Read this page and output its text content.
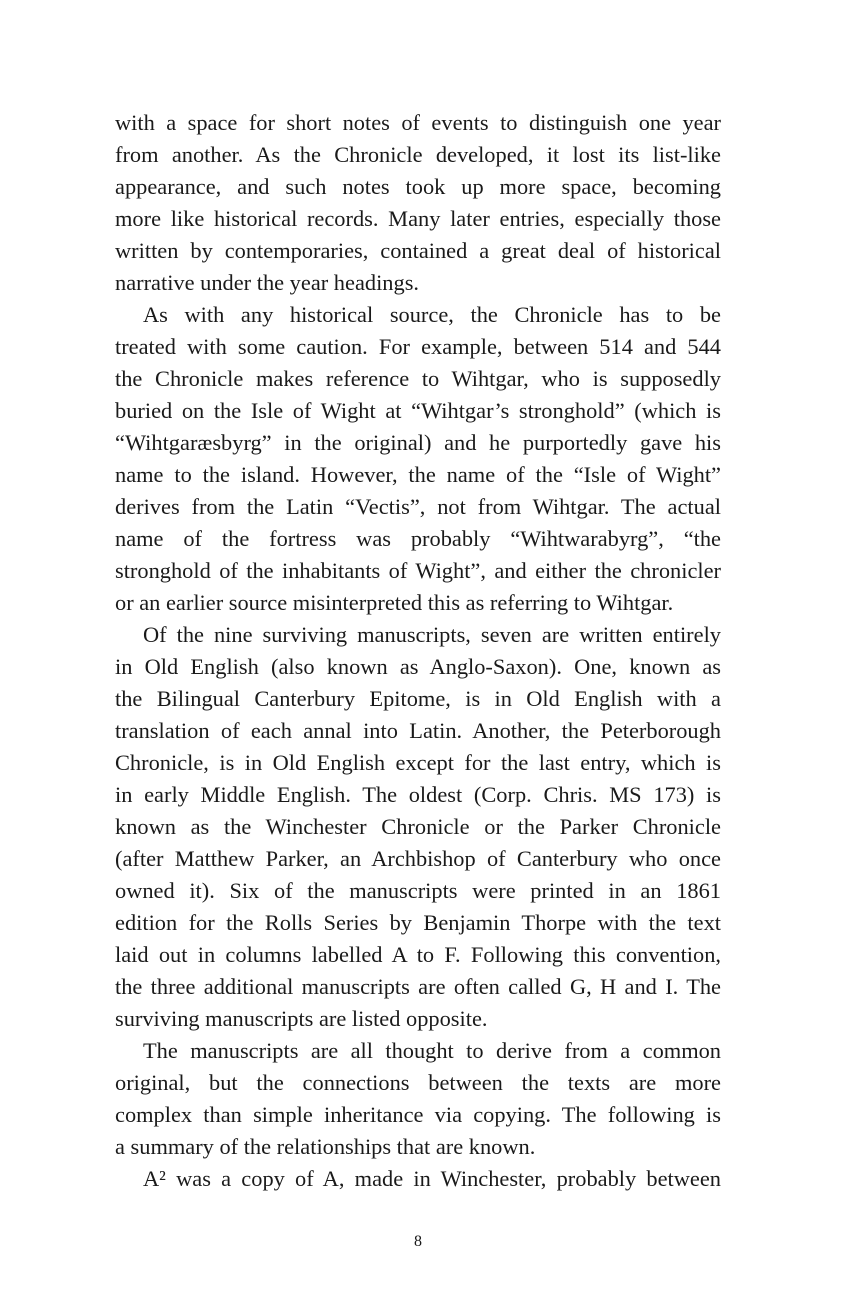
with a space for short notes of events to distinguish one year
from another. As the Chronicle developed, it lost its list-like
appearance, and such notes took up more space, becoming
more like historical records. Many later entries, especially those
written by contemporaries, contained a great deal of historical
narrative under the year headings.
As with any historical source, the Chronicle has to be
treated with some caution. For example, between 514 and 544
the Chronicle makes reference to Wihtgar, who is supposedly
buried on the Isle of Wight at “Wihtgar’s stronghold” (which is
“Wihtgaræsbyrg” in the original) and he purportedly gave his
name to the island. However, the name of the “Isle of Wight”
derives from the Latin “Vectis”, not from Wihtgar. The actual
name of the fortress was probably “Wihtwarabyrg”, “the
stronghold of the inhabitants of Wight”, and either the chronicler
or an earlier source misinterpreted this as referring to Wihtgar.
Of the nine surviving manuscripts, seven are written entirely
in Old English (also known as Anglo-Saxon). One, known as
the Bilingual Canterbury Epitome, is in Old English with a
translation of each annal into Latin. Another, the Peterborough
Chronicle, is in Old English except for the last entry, which is
in early Middle English. The oldest (Corp. Chris. MS 173) is
known as the Winchester Chronicle or the Parker Chronicle
(after Matthew Parker, an Archbishop of Canterbury who once
owned it). Six of the manuscripts were printed in an 1861
edition for the Rolls Series by Benjamin Thorpe with the text
laid out in columns labelled A to F. Following this convention,
the three additional manuscripts are often called G, H and I. The
surviving manuscripts are listed opposite.
The manuscripts are all thought to derive from a common
original, but the connections between the texts are more
complex than simple inheritance via copying. The following is
a summary of the relationships that are known.
A² was a copy of A, made in Winchester, probably between
8
